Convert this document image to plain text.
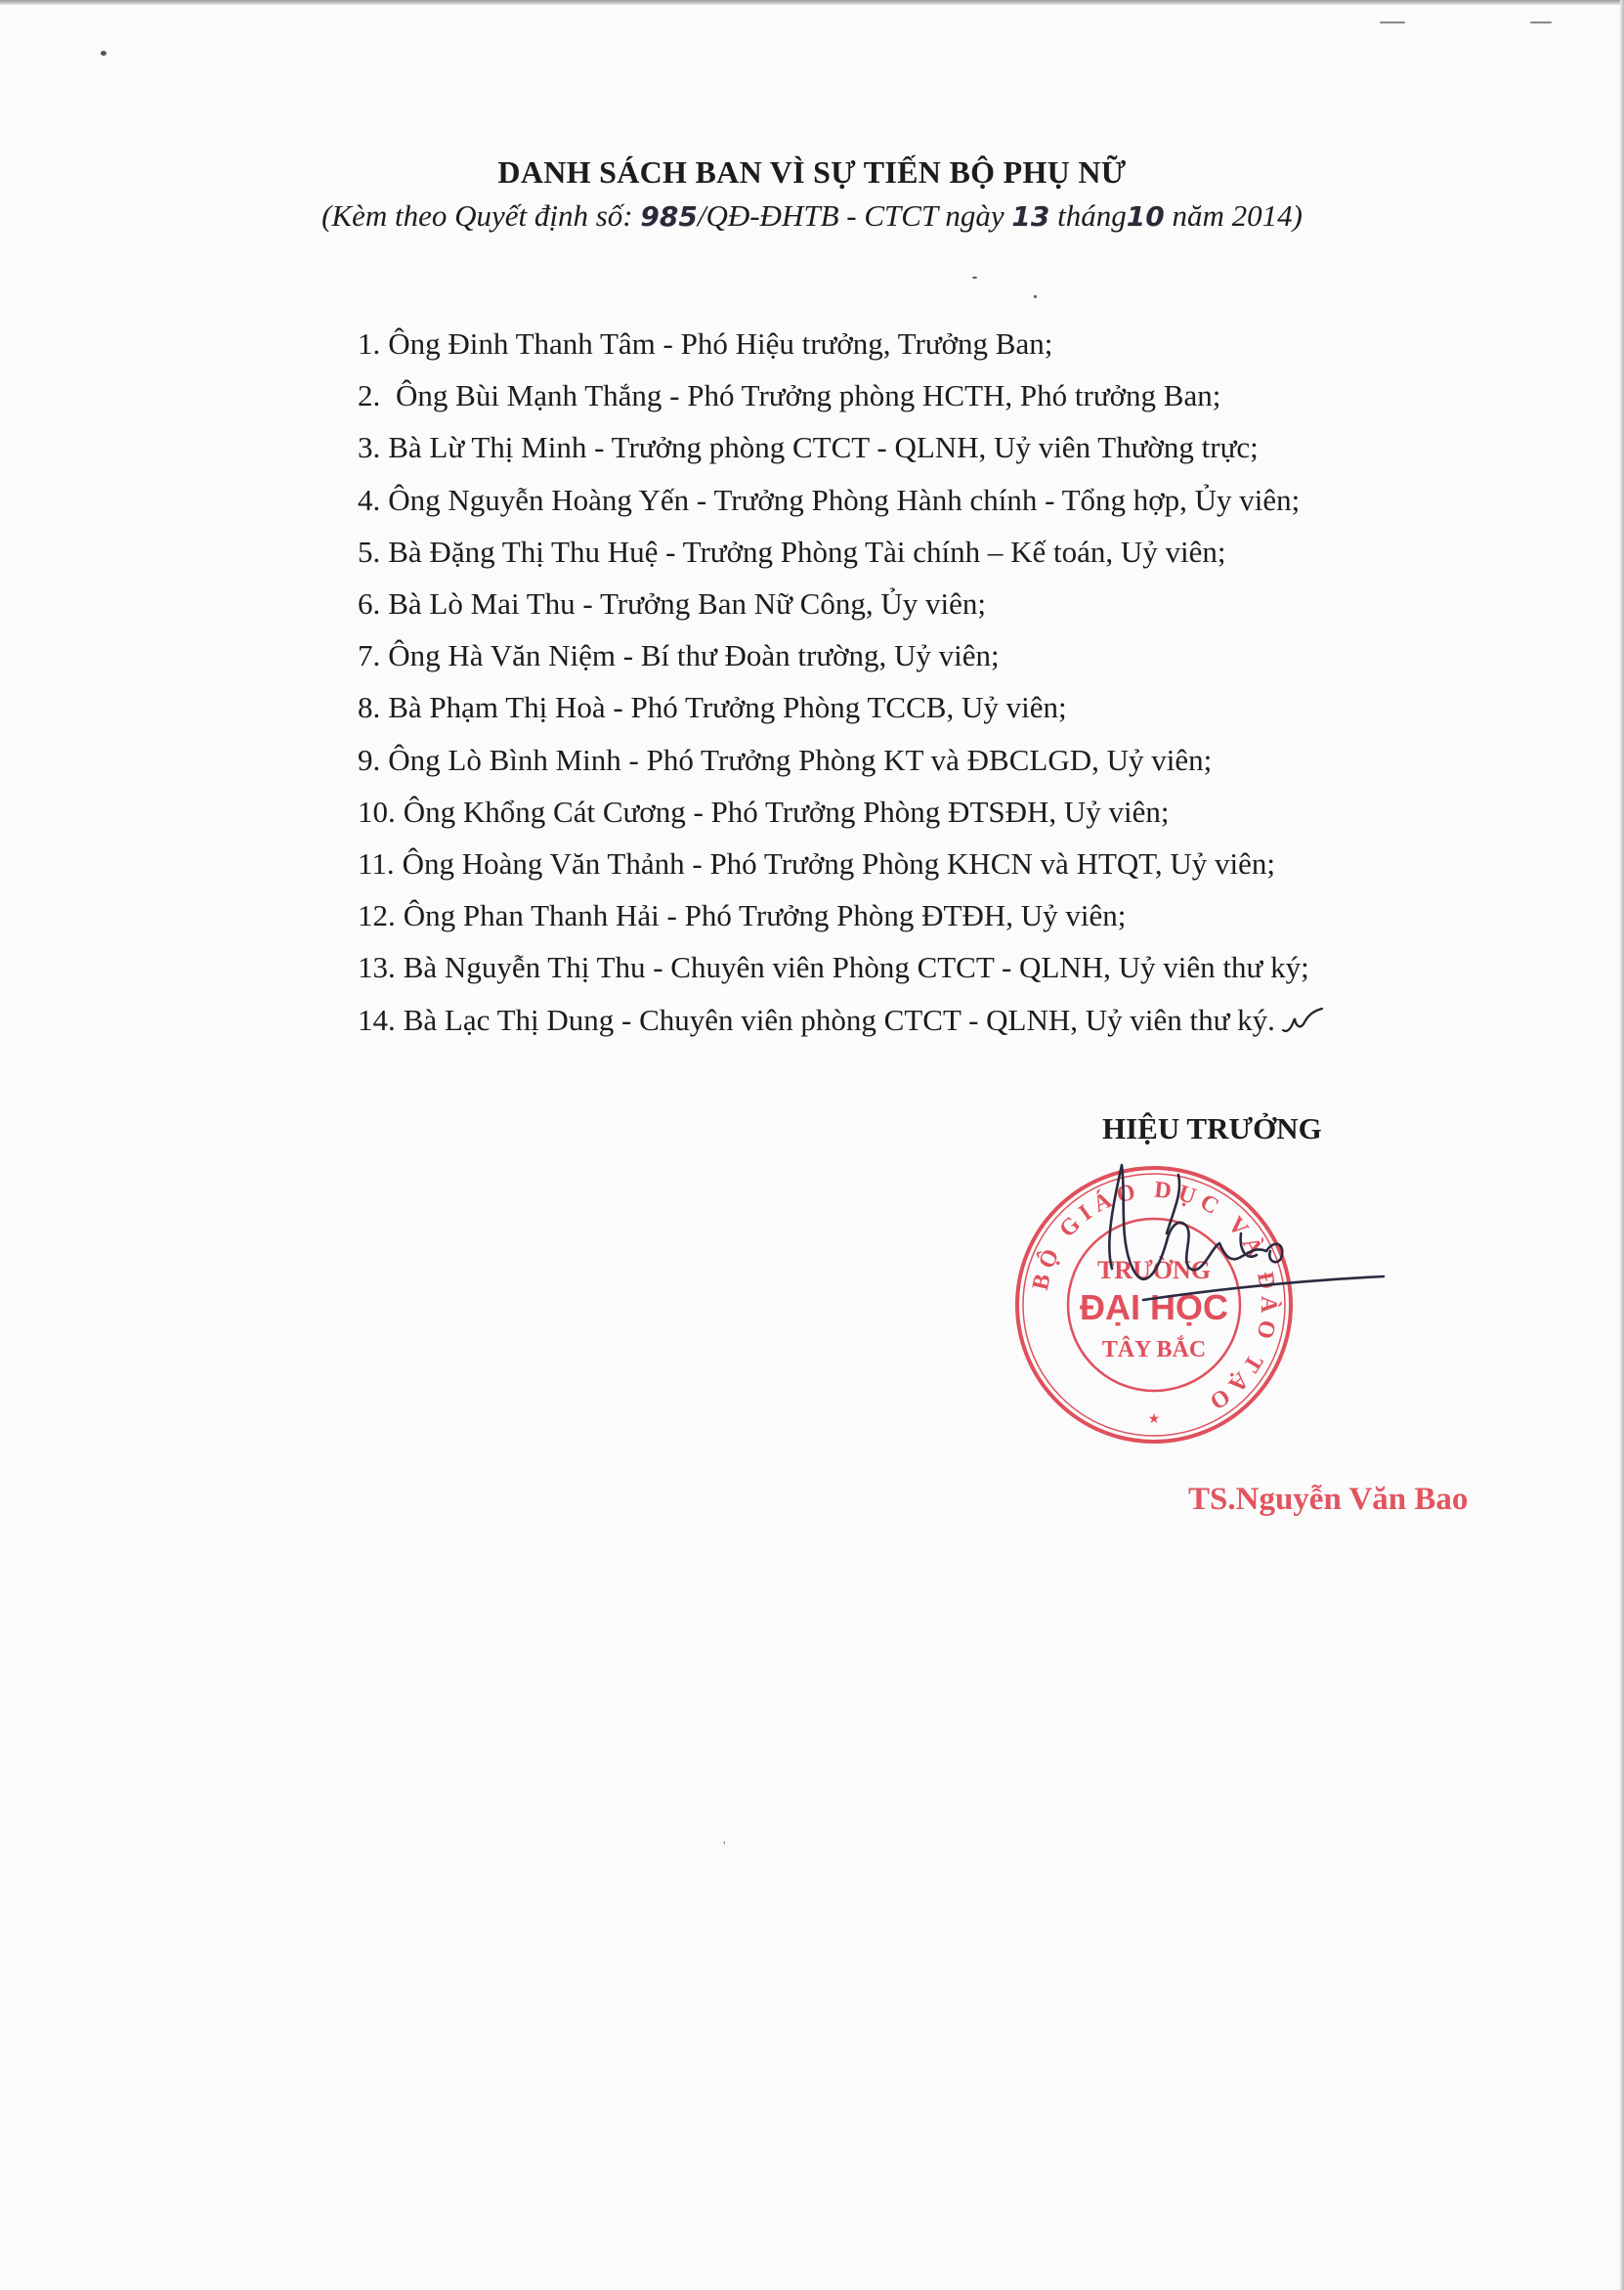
DANH SÁCH BAN VÌ SỰ TIẾN BỘ PHỤ NỮ
(Kèm theo Quyết định số: 985/QĐ-ĐHTB - CTCT ngày 13 tháng10 năm 2014)
1. Ông Đinh Thanh Tâm - Phó Hiệu trưởng, Trưởng Ban;
2. Ông Bùi Mạnh Thắng - Phó Trưởng phòng HCTH, Phó trưởng Ban;
3. Bà Lừ Thị Minh - Trưởng phòng CTCT - QLNH, Uỷ viên Thường trực;
4. Ông Nguyễn Hoàng Yến - Trưởng Phòng Hành chính - Tổng hợp, Ủy viên;
5. Bà Đặng Thị Thu Huệ - Trưởng Phòng Tài chính – Kế toán, Uỷ viên;
6. Bà Lò Mai Thu - Trưởng Ban Nữ Công, Ủy viên;
7. Ông Hà Văn Niệm - Bí thư Đoàn trường, Uỷ viên;
8. Bà Phạm Thị Hoà - Phó Trưởng Phòng TCCB, Uỷ viên;
9. Ông Lò Bình Minh - Phó Trưởng Phòng KT và ĐBCLGD, Uỷ viên;
10. Ông Khổng Cát Cương - Phó Trưởng Phòng ĐTSĐH, Uỷ viên;
11. Ông Hoàng Văn Thảnh - Phó Trưởng Phòng KHCN và HTQT, Uỷ viên;
12. Ông Phan Thanh Hải - Phó Trưởng Phòng ĐTĐH, Uỷ viên;
13. Bà Nguyễn Thị Thu - Chuyên viên Phòng CTCT - QLNH, Uỷ viên thư ký;
14. Bà Lạc Thị Dung - Chuyên viên phòng CTCT - QLNH, Uỷ viên thư ký.
HIỆU TRƯỞNG
BỘ GIÁO DỤC VÀ ĐÀO TẠO
TRƯỜNG
ĐẠI HỌC
TÂY BẮC
★
TS.Nguyễn Văn Bao
'
